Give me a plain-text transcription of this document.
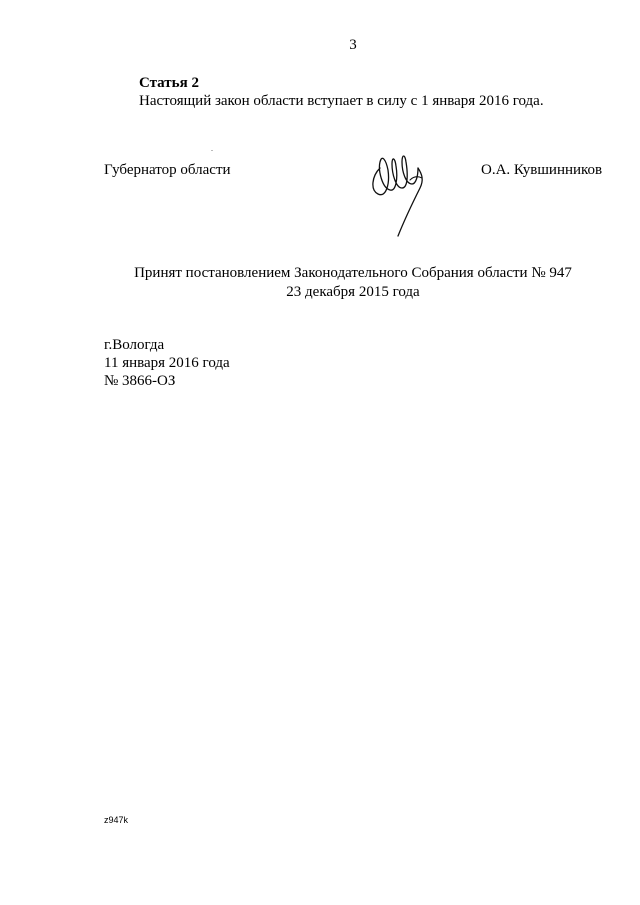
3
Статья 2
Настоящий закон области вступает в силу с 1 января 2016 года.
Губернатор области	О.А. Кувшинников
Принят постановлением Законодательного Собрания области № 947
23 декабря 2015 года
г.Вологда
11 января 2016 года
№ 3866-ОЗ
z947k
